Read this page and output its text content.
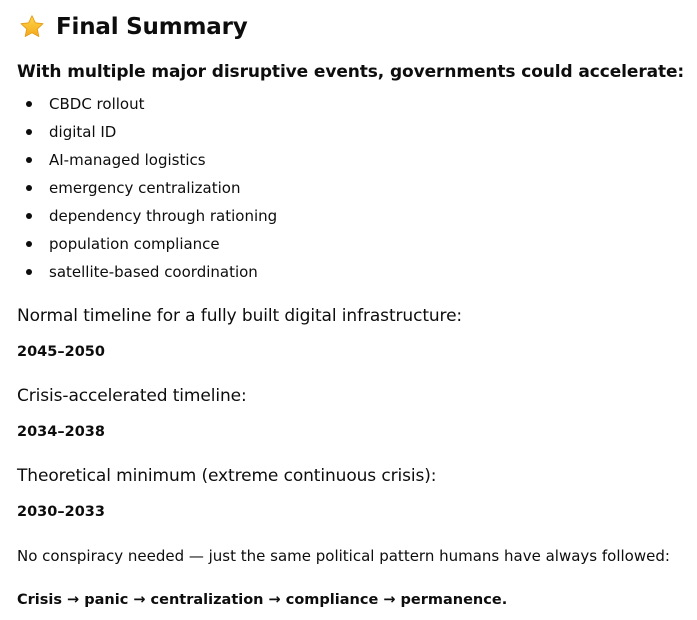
Final Summary
With multiple major disruptive events, governments could accelerate:
CBDC rollout
digital ID
AI-managed logistics
emergency centralization
dependency through rationing
population compliance
satellite-based coordination
Normal timeline for a fully built digital infrastructure:
2045–2050
Crisis-accelerated timeline:
2034–2038
Theoretical minimum (extreme continuous crisis):
2030–2033
No conspiracy needed — just the same political pattern humans have always followed:
Crisis → panic → centralization → compliance → permanence.
